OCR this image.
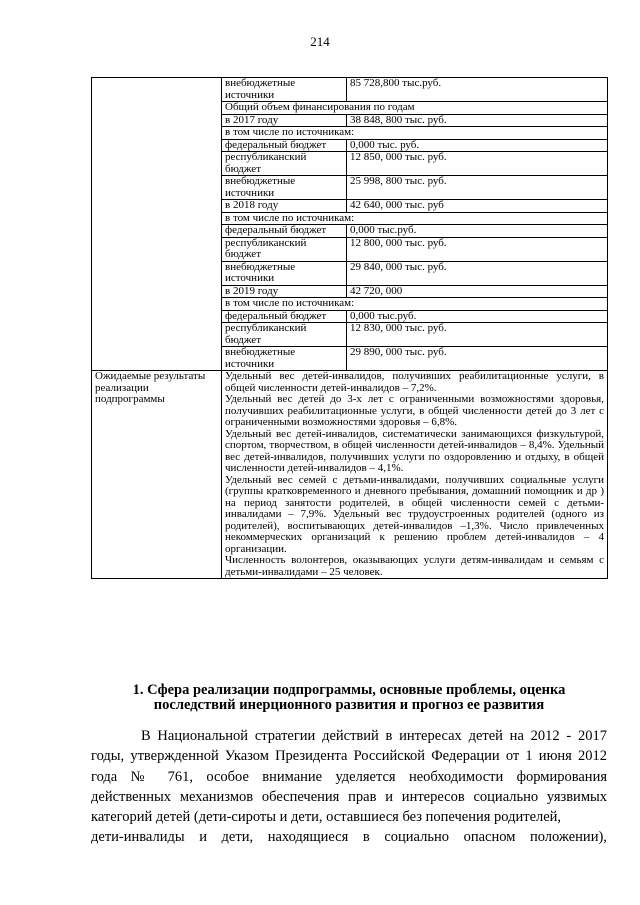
214
	внебюджетные источники	85 728,800 тыс.руб.
	Общий объем финансирования по годам	
	в 2017 году	38 848, 800 тыс. руб.
	в том числе по источникам:	
	федеральный бюджет	0,000 тыс. руб.
	республиканский бюджет	12 850, 000 тыс. руб.
	внебюджетные источники	25 998, 800 тыс. руб.
	в 2018 году	42 640, 000 тыс. руб
	в том числе по источникам:	
	федеральный бюджет	0,000 тыс.руб.
	республиканский бюджет	12 800, 000 тыс. руб.
	внебюджетные источники	29 840, 000 тыс. руб.
	в 2019 году	42 720, 000
	в том числе по источникам:	
	федеральный бюджет	0,000 тыс.руб.
	республиканский бюджет	12 830, 000 тыс. руб.
	внебюджетные источники	29 890, 000 тыс. руб.
Ожидаемые результаты реализации подпрограммы	Удельный вес детей-инвалидов, получивших реабилитационные услуги, в общей численности детей-инвалидов – 7,2%.

Удельный вес детей до 3-х лет с ограниченными возможностями здоровья, получивших реабилитационные услуги, в общей численности детей до 3 лет с ограниченными возможностями здоровья – 6,8%.

Удельный вес детей-инвалидов, систематически занимающихся физкультурой, спортом, творчеством, в общей численности детей-инвалидов – 8,4%. Удельный вес детей-инвалидов, получивших услуги по оздоровлению и отдыху, в общей численности детей-инвалидов – 4,1%.

Удельный вес семей с детьми-инвалидами, получивших социальные услуги (группы кратковременного и дневного пребывания, домашний помощник и др ) на период занятости родителей, в общей численности семей с детьми-инвалидами – 7,9%. Удельный вес трудоустроенных родителей (одного из родителей), воспитывающих детей-инвалидов –1,3%. Число привлеченных некоммерческих организаций к решению проблем детей-инвалидов – 4 организации.

Численность волонтеров, оказывающих услуги детям-инвалидам и семьям с детьми-инвалидами – 25 человек.	

1. Сфера реализации подпрограммы, основные проблемы, оценка
последствий инерционного развития и прогноз ее развития

В Национальной стратегии действий в интересах детей на 2012 - 2017 годы, утвержденной Указом Президента Российской Федерации от 1 июня 2012 года № 761, особое внимание уделяется необходимости формирования действенных механизмов обеспечения прав и интересов социально уязвимых категорий детей (дети-сироты и дети, оставшиеся без попечения родителей,

дети-инвалиды и дети, находящиеся в социально опасном положении),
